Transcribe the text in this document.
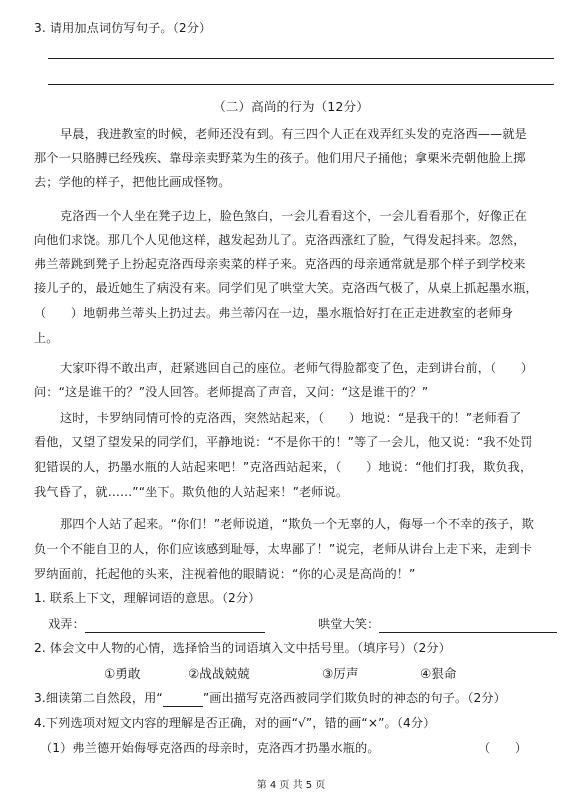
3. 请用加点词仿写句子。（2分）
（二）高尚的行为（12分）
早晨，我进教室的时候，老师还没有到。有三四个人正在戏弄红头发的克洛西——就是
那个一只胳膊已经残疾、靠母亲卖野菜为生的孩子。他们用尺子捅他；拿栗米壳朝他脸上掷
去；学他的样子，把他比画成怪物。
克洛西一个人坐在凳子边上，脸色煞白，一会儿看看这个，一会儿看看那个，好像正在
向他们求饶。那几个人见他这样，越发起劲儿了。克洛西涨红了脸，气得发起抖来。忽然，
弗兰蒂跳到凳子上扮起克洛西母亲卖菜的样子来。克洛西的母亲通常就是那个样子到学校来
接儿子的，最近她生了病没有来。同学们见了哄堂大笑。克洛西气极了，从桌上抓起墨水瓶，
（　　）地朝弗兰蒂头上扔过去。弗兰蒂闪在一边，墨水瓶恰好打在正走进教室的老师身
上。
大家吓得不敢出声，赶紧逃回自己的座位。老师气得脸都变了色，走到讲台前，（　　）
问：“这是谁干的？”没人回答。老师提高了声音，又问：“这是谁干的？”
这时，卡罗纳同情可怜的克洛西，突然站起来，（　　）地说：“是我干的！”老师看了
看他，又望了望发呆的同学们，平静地说：“不是你干的！”等了一会儿，他又说：“我不处罚
犯错误的人，扔墨水瓶的人站起来吧！”克洛西站起来，（　　）地说：“他们打我，欺负我，
我气昏了，就……”“坐下。欺负他的人站起来！”老师说。
那四个人站了起来。“你们！”老师说道，“欺负一个无辜的人，侮辱一个不幸的孩子，欺
负一个不能自卫的人，你们应该感到耻辱，太卑鄙了！”说完，老师从讲台上走下来，走到卡
罗纳面前，托起他的头来，注视着他的眼睛说：“你的心灵是高尚的！”
1. 联系上下文，理解词语的意思。（2分）
戏弄：	哄堂大笑：
2. 体会文中人物的心情，选择恰当的词语填入文中括号里。（填序号）（2分）
①勇敢	②战战兢兢	③厉声	④狠命
3.细读第二自然段，用“	”画出描写克洛西被同学们欺负时的神态的句子。（2分）
4.下列选项对短文内容的理解是否正确，对的画“√”，错的画“×”。（4分）
（1）弗兰德开始侮辱克洛西的母亲时，克洛西才扔墨水瓶的。	（　　）
第 4 页 共 5 页
